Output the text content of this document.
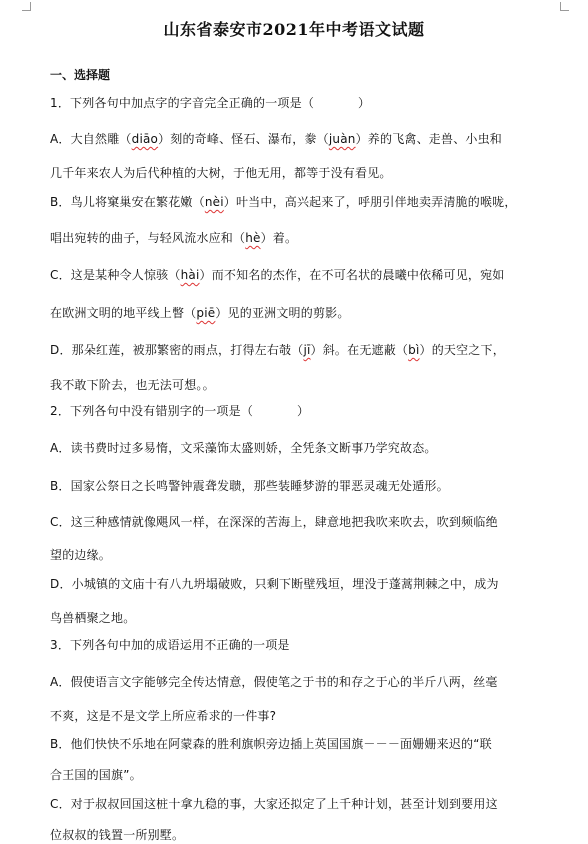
山东省泰安市2021年中考语文试题
一、选择题
1．下列各句中加点字的字音完全正确的一项是（	）
A．大自然雕（diāo）刻的奇峰、怪石、瀑布，豢（juàn）养的飞禽、走兽、小虫和
几千年来农人为后代种植的大树，于他无用，都等于没有看见。
B．鸟儿将窠巢安在繁花嫩（nèi）叶当中，高兴起来了，呼朋引伴地卖弄清脆的喉咙，
唱出宛转的曲子，与轻风流水应和（hè）着。
C．这是某种令人惊骇（hài）而不知名的杰作，在不可名状的晨曦中依稀可见，宛如
在欧洲文明的地平线上瞥（piē）见的亚洲文明的剪影。
D．那朵红莲，被那繁密的雨点，打得左右攲（jī）斜。在无遮蔽（bì）的天空之下，
我不敢下阶去，也无法可想。。
2．下列各句中没有错别字的一项是（	）
A．读书费时过多易惰，文采藻饰太盛则娇，全凭条文断事乃学究故态。
B．国家公祭日之长鸣警钟震聋发聩，那些装睡梦游的罪恶灵魂无处遁形。
C．这三种感情就像飓风一样，在深深的苦海上，肆意地把我吹来吹去，吹到频临绝
望的边缘。
D．小城镇的文庙十有八九坍塌破败，只剩下断壁残垣，埋没于蓬蒿荆棘之中，成为
鸟兽栖聚之地。
3．下列各句中加的成语运用不正确的一项是
A．假使语言文字能够完全传达情意，假使笔之于书的和存之于心的半斤八两，丝毫
不爽，这是不是文学上所应希求的一件事?
B．他们快快不乐地在阿蒙森的胜利旗帜旁边插上英国国旗－－－面姗姗来迟的“联
合王国的国旗”。
C．对于叔叔回国这桩十拿九稳的事，大家还拟定了上千种计划，甚至计划到要用这
位叔叔的钱置一所别墅。
